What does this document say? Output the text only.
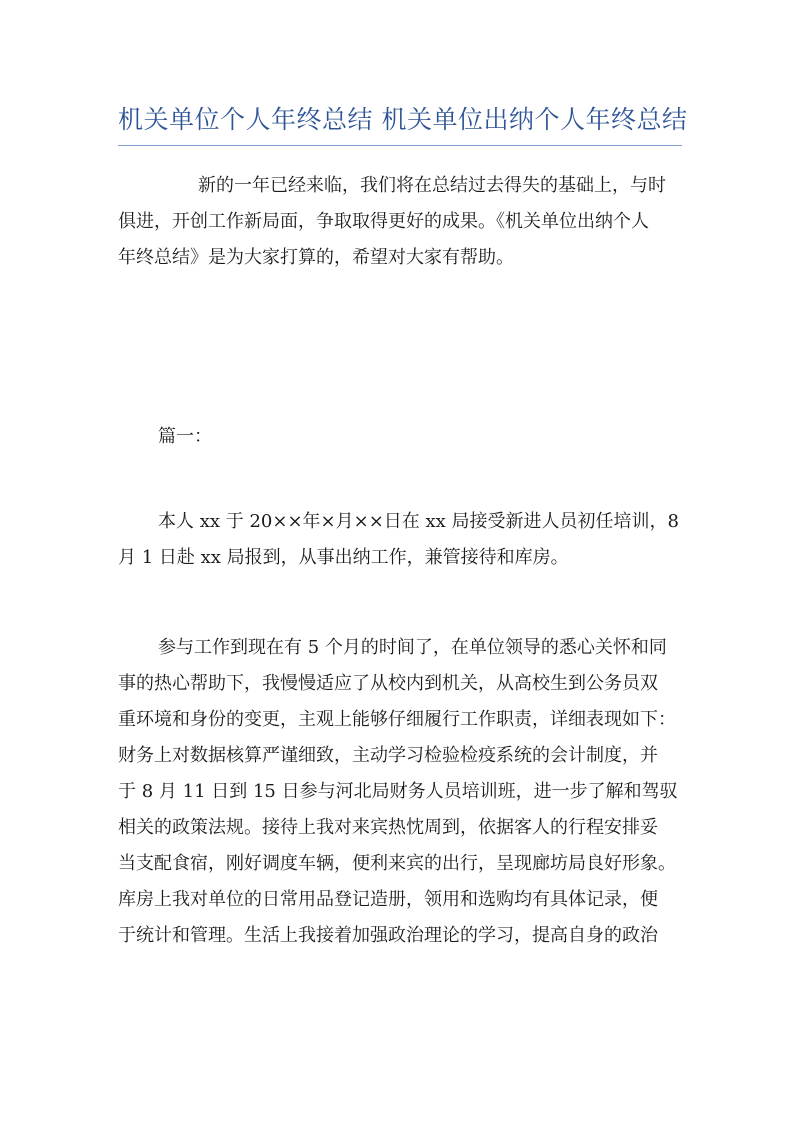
机关单位个人年终总结 机关单位出纳个人年终总结
新的一年已经来临，我们将在总结过去得失的基础上，与时
俱进，开创工作新局面，争取取得更好的成果。《机关单位出纳个人
年终总结》是为大家打算的，希望对大家有帮助。
篇一：
本人 xx 于 20××年×月××日在 xx 局接受新进人员初任培训，8
月 1 日赴 xx 局报到，从事出纳工作，兼管接待和库房。
参与工作到现在有 5 个月的时间了，在单位领导的悉心关怀和同
事的热心帮助下，我慢慢适应了从校内到机关，从高校生到公务员双
重环境和身份的变更，主观上能够仔细履行工作职责，详细表现如下：
财务上对数据核算严谨细致，主动学习检验检疫系统的会计制度，并
于 8 月 11 日到 15 日参与河北局财务人员培训班，进一步了解和驾驭
相关的政策法规。接待上我对来宾热忱周到，依据客人的行程安排妥
当支配食宿，刚好调度车辆，便利来宾的出行，呈现廊坊局良好形象。
库房上我对单位的日常用品登记造册，领用和选购均有具体记录，便
于统计和管理。生活上我接着加强政治理论的学习，提高自身的政治
